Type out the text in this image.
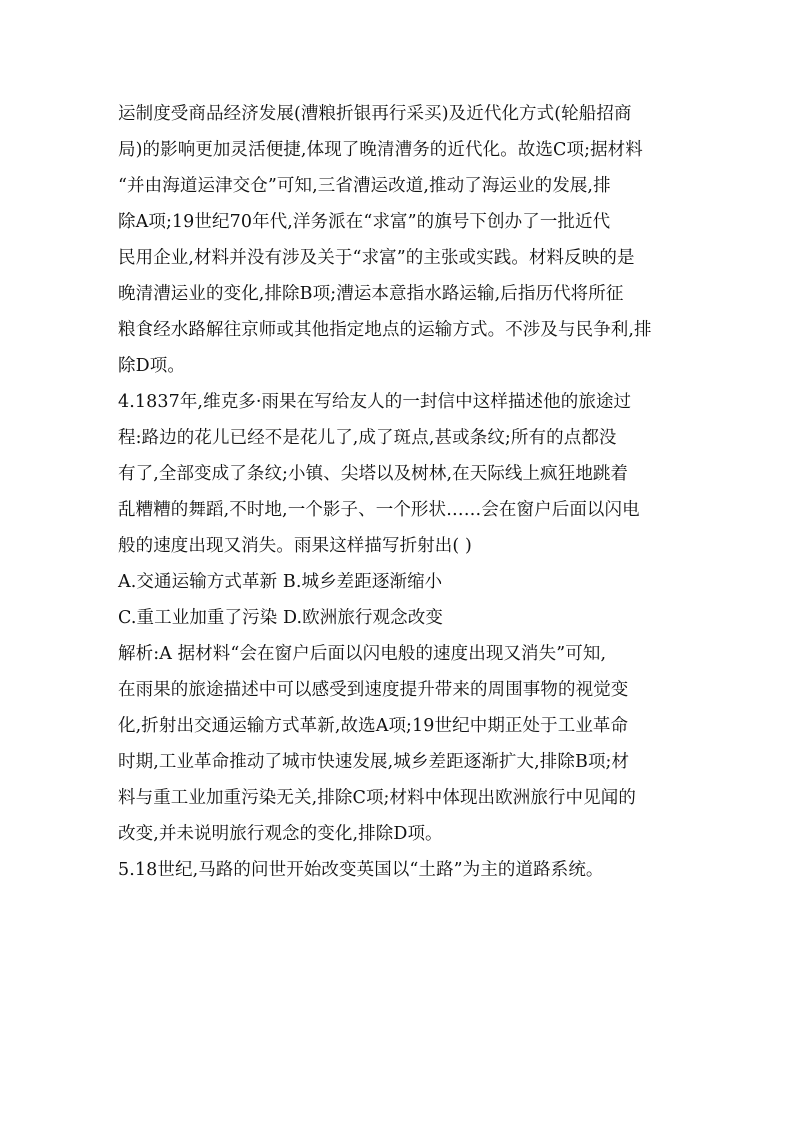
运制度受商品经济发展(漕粮折银再行采买)及近代化方式(轮船招商
局)的影响更加灵活便捷,体现了晚清漕务的近代化。故选C项;据材料
“并由海道运津交仓”可知,三省漕运改道,推动了海运业的发展,排
除A项;19世纪70年代,洋务派在“求富”的旗号下创办了一批近代
民用企业,材料并没有涉及关于“求富”的主张或实践。材料反映的是
晚清漕运业的变化,排除B项;漕运本意指水路运输,后指历代将所征
粮食经水路解往京师或其他指定地点的运输方式。不涉及与民争利,排
除D项。
4.1837年,维克多·雨果在写给友人的一封信中这样描述他的旅途过
程:路边的花儿已经不是花儿了,成了斑点,甚或条纹;所有的点都没
有了,全部变成了条纹;小镇、尖塔以及树林,在天际线上疯狂地跳着
乱糟糟的舞蹈,不时地,一个影子、一个形状……会在窗户后面以闪电
般的速度出现又消失。雨果这样描写折射出( )
A.交通运输方式革新 B.城乡差距逐渐缩小
C.重工业加重了污染 D.欧洲旅行观念改变
解析:A 据材料“会在窗户后面以闪电般的速度出现又消失”可知,
在雨果的旅途描述中可以感受到速度提升带来的周围事物的视觉变
化,折射出交通运输方式革新,故选A项;19世纪中期正处于工业革命
时期,工业革命推动了城市快速发展,城乡差距逐渐扩大,排除B项;材
料与重工业加重污染无关,排除C项;材料中体现出欧洲旅行中见闻的
改变,并未说明旅行观念的变化,排除D项。
5.18世纪,马路的问世开始改变英国以“土路”为主的道路系统。
